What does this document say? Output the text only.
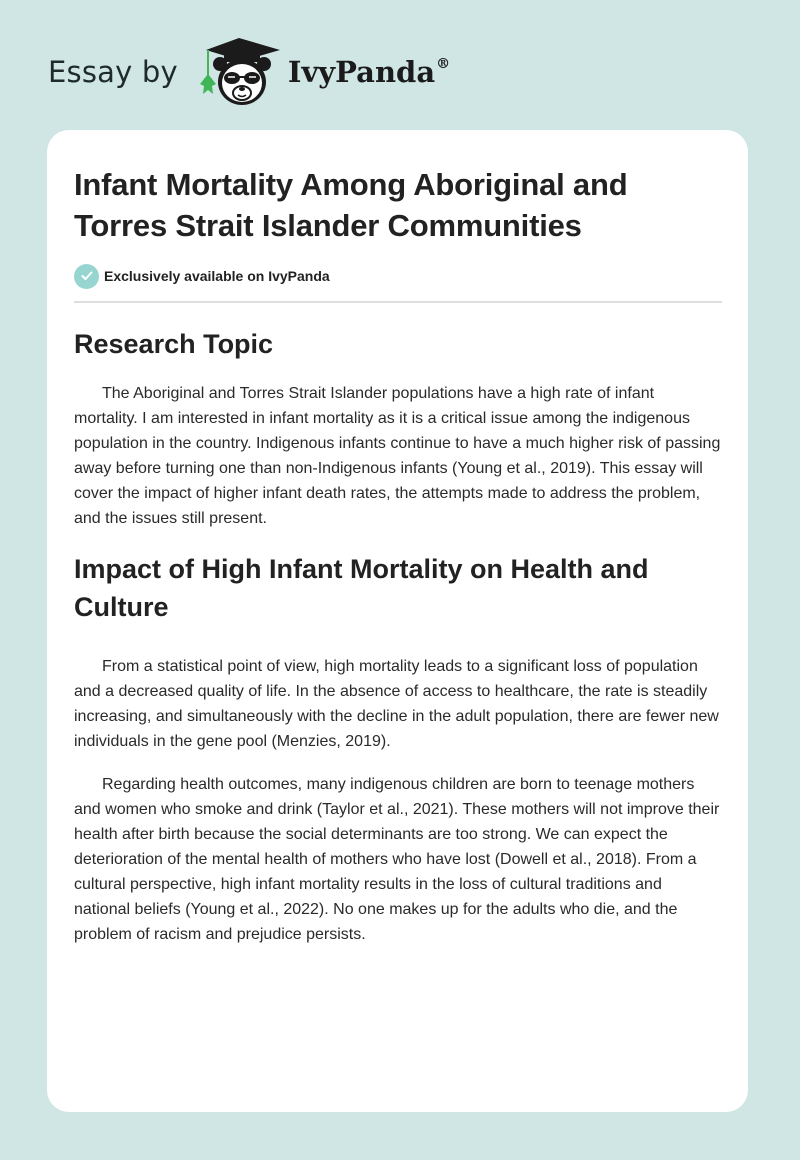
Essay by	IvyPanda®
Infant Mortality Among Aboriginal and Torres Strait Islander Communities
Exclusively available on IvyPanda
Research Topic

The Aboriginal and Torres Strait Islander populations have a high rate of infant mortality. I am interested in infant mortality as it is a critical issue among the indigenous population in the country. Indigenous infants continue to have a much higher risk of passing away before turning one than non-Indigenous infants (Young et al., 2019). This essay will cover the impact of higher infant death rates, the attempts made to address the problem, and the issues still present.

Impact of High Infant Mortality on Health and Culture

From a statistical point of view, high mortality leads to a significant loss of population and a decreased quality of life. In the absence of access to healthcare, the rate is steadily increasing, and simultaneously with the decline in the adult population, there are fewer new individuals in the gene pool (Menzies, 2019).

Regarding health outcomes, many indigenous children are born to teenage mothers and women who smoke and drink (Taylor et al., 2021). These mothers will not improve their health after birth because the social determinants are too strong. We can expect the deterioration of the mental health of mothers who have lost (Dowell et al., 2018). From a cultural perspective, high infant mortality results in the loss of cultural traditions and national beliefs (Young et al., 2022). No one makes up for the adults who die, and the problem of racism and prejudice persists.
